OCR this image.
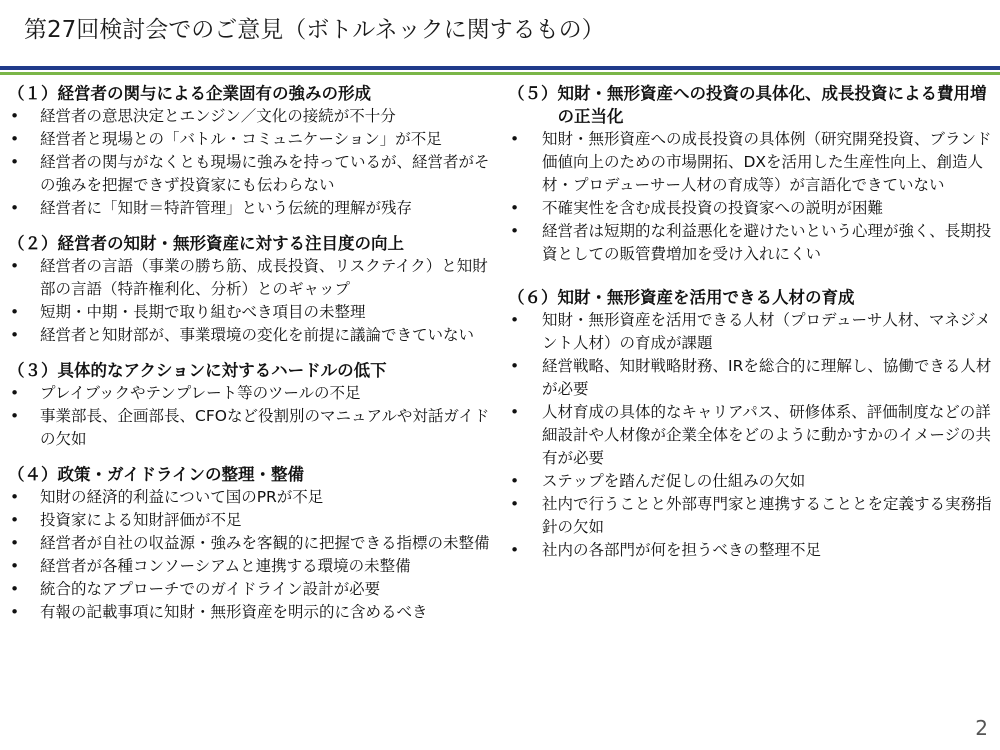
第27回検討会でのご意見（ボトルネックに関するもの）
（１） 経営者の関与による企業固有の強みの形成
• 経営者の意思決定とエンジン／文化の接続が不十分
• 経営者と現場との「バトル・コミュニケーション」が不足
• 経営者の関与がなくとも現場に強みを持っているが、経営者がその強みを把握できず投資家にも伝わらない
• 経営者に「知財＝特許管理」という伝統的理解が残存
（２） 経営者の知財・無形資産に対する注目度の向上
• 経営者の言語（事業の勝ち筋、成長投資、リスクテイク）と知財部の言語（特許権利化、分析）とのギャップ
• 短期・中期・長期で取り組むべき項目の未整理
• 経営者と知財部が、事業環境の変化を前提に議論できていない
（３） 具体的なアクションに対するハードルの低下
• プレイブックやテンプレート等のツールの不足
• 事業部長、企画部長、CFOなど役割別のマニュアルや対話ガイドの欠如
（４） 政策・ガイドラインの整理・整備
• 知財の経済的利益について国のPRが不足
• 投資家による知財評価が不足
• 経営者が自社の収益源・強みを客観的に把握できる指標の未整備
• 経営者が各種コンソーシアムと連携する環境の未整備
• 統合的なアプローチでのガイドライン設計が必要
• 有報の記載事項に知財・無形資産を明示的に含めるべき
（５） 知財・無形資産への投資の具体化、成長投資による費用増の正当化
• 知財・無形資産への成長投資の具体例（研究開発投資、ブランド価値向上のための市場開拓、DXを活用した生産性向上、創造人材・プロデューサー人材の育成等）が言語化できていない
• 不確実性を含む成長投資の投資家への説明が困難
• 経営者は短期的な利益悪化を避けたいという心理が強く、長期投資としての販管費増加を受け入れにくい
（６） 知財・無形資産を活用できる人材の育成
• 知財・無形資産を活用できる人材（プロデューサ人材、マネジメント人材）の育成が課題
• 経営戦略、知財戦略財務、IRを総合的に理解し、協働できる人材が必要
• 人材育成の具体的なキャリアパス、研修体系、評価制度などの詳細設計や人材像が企業全体をどのように動かすかのイメージの共有が必要
• ステップを踏んだ促しの仕組みの欠如
• 社内で行うことと外部専門家と連携することとを定義する実務指針の欠如
• 社内の各部門が何を担うべきの整理不足
2
